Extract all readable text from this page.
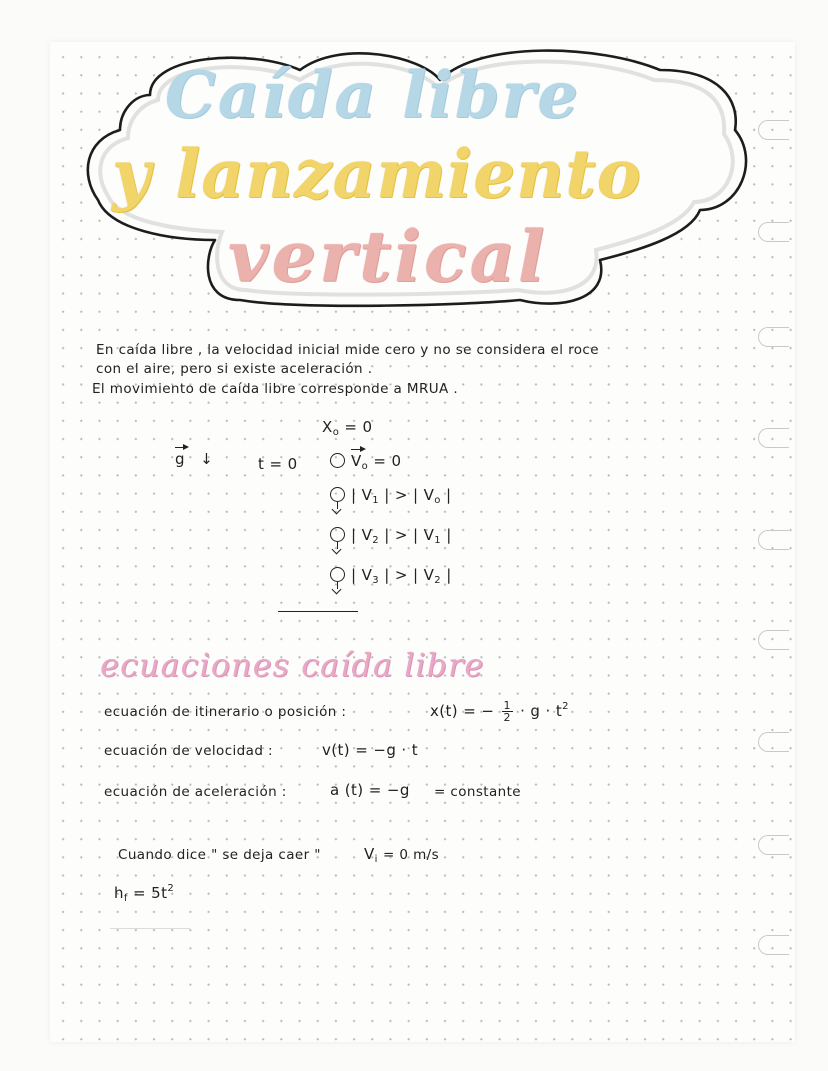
Caída libre
y lanzamiento
vertical
En caída libre , la velocidad inicial mide cero y no se considera el roce
con el aire, pero si existe aceleración .
El movimiento de caída libre corresponde a MRUA .
$X_o = 0$
g ↓	t = 0	$V_o = 0$
| $V_1$ | > | $V_o$ |
| $V_2$ | > | $V_1$ |
| $V_3$ | > | $V_2$ |
ecuaciones caída libre
ecuación de itinerario o posición :	x(t) = − $\frac{1}{2} \cdot g \cdot t^2$
ecuación de velocidad :	v(t) = −g · t
ecuación de aceleración :	a (t) = −g = constante
Cuando dice " se deja caer "	$V_i = 0$ m/s
$h_f = 5t^2$
